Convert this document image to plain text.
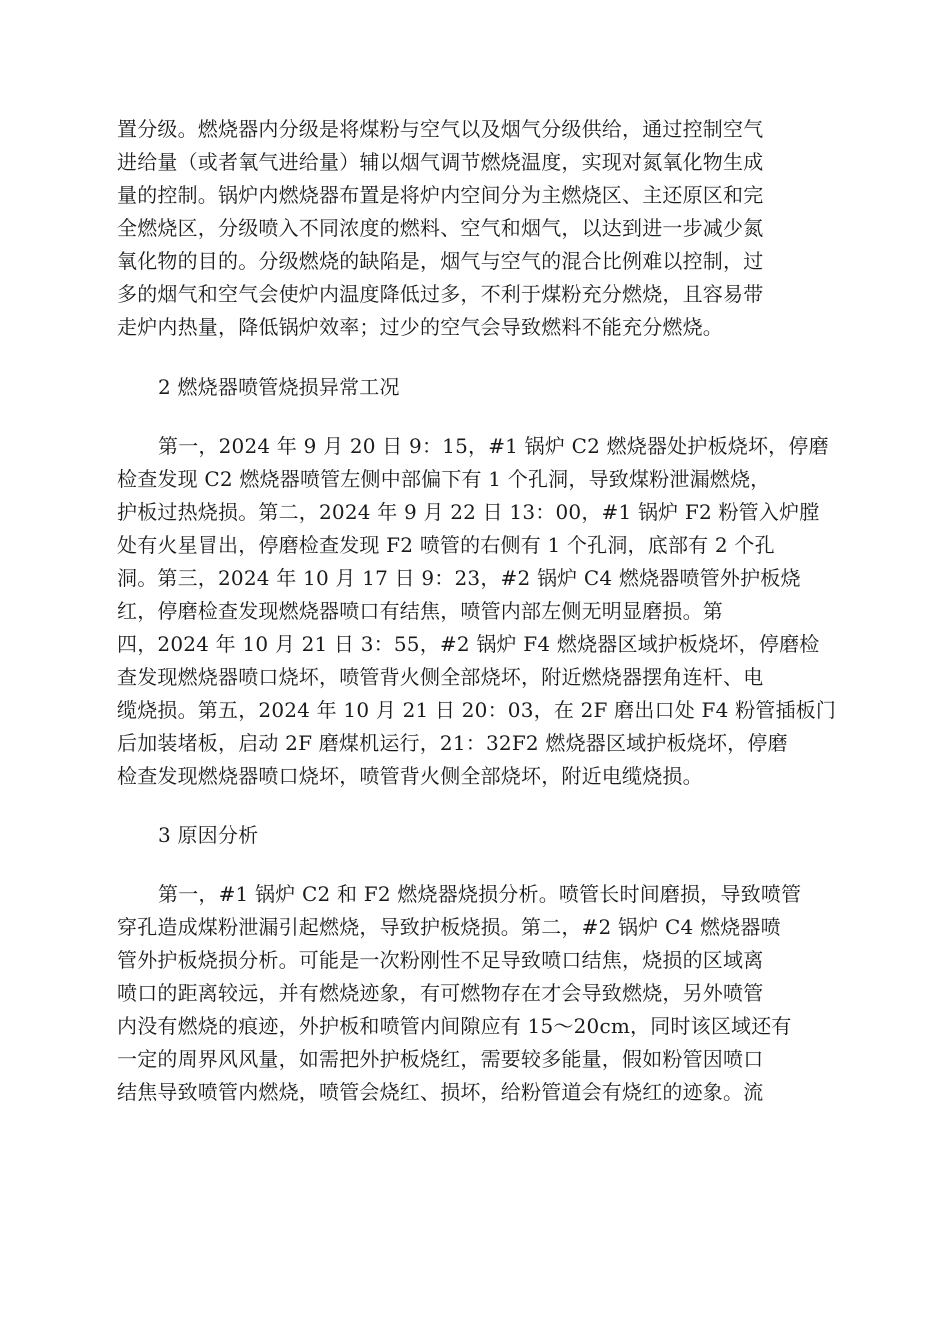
置分级。燃烧器内分级是将煤粉与空气以及烟气分级供给，通过控制空气
进给量（或者氧气进给量）辅以烟气调节燃烧温度，实现对氮氧化物生成
量的控制。锅炉内燃烧器布置是将炉内空间分为主燃烧区、主还原区和完
全燃烧区，分级喷入不同浓度的燃料、空气和烟气，以达到进一步减少氮
氧化物的目的。分级燃烧的缺陷是，烟气与空气的混合比例难以控制，过
多的烟气和空气会使炉内温度降低过多，不利于煤粉充分燃烧，且容易带
走炉内热量，降低锅炉效率；过少的空气会导致燃料不能充分燃烧。
2 燃烧器喷管烧损异常工况
第一，2024 年 9 月 20 日 9：15，#1 锅炉 C2 燃烧器处护板烧坏，停磨
检查发现 C2 燃烧器喷管左侧中部偏下有 1 个孔洞，导致煤粉泄漏燃烧，
护板过热烧损。第二，2024 年 9 月 22 日 13：00，#1 锅炉 F2 粉管入炉膛
处有火星冒出，停磨检查发现 F2 喷管的右侧有 1 个孔洞，底部有 2 个孔
洞。第三，2024 年 10 月 17 日 9：23，#2 锅炉 C4 燃烧器喷管外护板烧
红，停磨检查发现燃烧器喷口有结焦，喷管内部左侧无明显磨损。第
四，2024 年 10 月 21 日 3：55，#2 锅炉 F4 燃烧器区域护板烧坏，停磨检
查发现燃烧器喷口烧坏，喷管背火侧全部烧坏，附近燃烧器摆角连杆、电
缆烧损。第五，2024 年 10 月 21 日 20：03，在 2F 磨出口处 F4 粉管插板门
后加装堵板，启动 2F 磨煤机运行，21：32F2 燃烧器区域护板烧坏，停磨
检查发现燃烧器喷口烧坏，喷管背火侧全部烧坏，附近电缆烧损。
3 原因分析
第一，#1 锅炉 C2 和 F2 燃烧器烧损分析。喷管长时间磨损，导致喷管
穿孔造成煤粉泄漏引起燃烧，导致护板烧损。第二，#2 锅炉 C4 燃烧器喷
管外护板烧损分析。可能是一次粉刚性不足导致喷口结焦，烧损的区域离
喷口的距离较远，并有燃烧迹象，有可燃物存在才会导致燃烧，另外喷管
内没有燃烧的痕迹，外护板和喷管内间隙应有 15～20cm，同时该区域还有
一定的周界风风量，如需把外护板烧红，需要较多能量，假如粉管因喷口
结焦导致喷管内燃烧，喷管会烧红、损坏，给粉管道会有烧红的迹象。流
